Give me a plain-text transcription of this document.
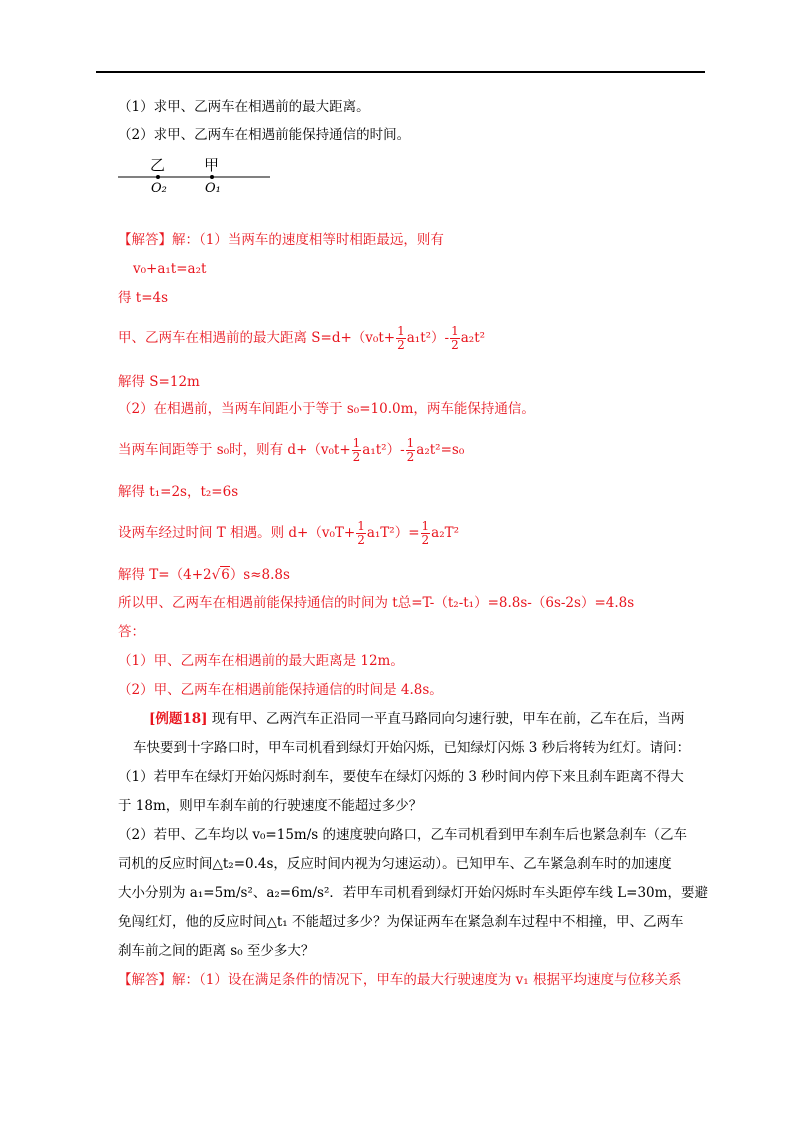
（1）求甲、乙两车在相遇前的最大距离。
（2）求甲、乙两车在相遇前能保持通信的时间。
乙	甲
O₂	O₁
【解答】解：（1）当两车的速度相等时相距最远，则有
v₀+a₁t=a₂t
得 t=4s
甲、乙两车在相遇前的最大距离 $S=d+(v_0t+ \frac{1}{2} a_1t^2)- \frac{1}{2} a_2t^2$
解得 S=12m
（2）在相遇前，当两车间距小于等于 s₀=10.0m，两车能保持通信。
当两车间距等于 s₀时，则有 $d+(v_0t+ \frac{1}{2} a_1t^2)- \frac{1}{2} a_2t^2=s_0$
解得 t₁=2s，t₂=6s
设两车经过时间 T 相遇。则 $d+(v_0T+ \frac{1}{2} a_1T^2)= \frac{1}{2} a_2T^2$
解得 T=（4+2√6）s≈8.8s
所以甲、乙两车在相遇前能保持通信的时间为 t总=T-（t₂-t₁）=8.8s-（6s-2s）=4.8s
答：
（1）甲、乙两车在相遇前的最大距离是 12m。
（2）甲、乙两车在相遇前能保持通信的时间是 4.8s。
[例题18] 现有甲、乙两汽车正沿同一平直马路同向匀速行驶，甲车在前，乙车在后，当两
车快要到十字路口时，甲车司机看到绿灯开始闪烁，已知绿灯闪烁 3 秒后将转为红灯。请问：
（1）若甲车在绿灯开始闪烁时刹车，要使车在绿灯闪烁的 3 秒时间内停下来且刹车距离不得大
于 18m，则甲车刹车前的行驶速度不能超过多少？
（2）若甲、乙车均以 v₀=15m/s 的速度驶向路口，乙车司机看到甲车刹车后也紧急刹车（乙车
司机的反应时间△t₂=0.4s，反应时间内视为匀速运动）。已知甲车、乙车紧急刹车时的加速度
大小分别为 a₁=5m/s²、a₂=6m/s²．若甲车司机看到绿灯开始闪烁时车头距停车线 L=30m，要避
免闯红灯，他的反应时间△t₁ 不能超过多少？为保证两车在紧急刹车过程中不相撞，甲、乙两车
刹车前之间的距离 s₀ 至少多大？
【解答】解：（1）设在满足条件的情况下，甲车的最大行驶速度为 v₁ 根据平均速度与位移关系
